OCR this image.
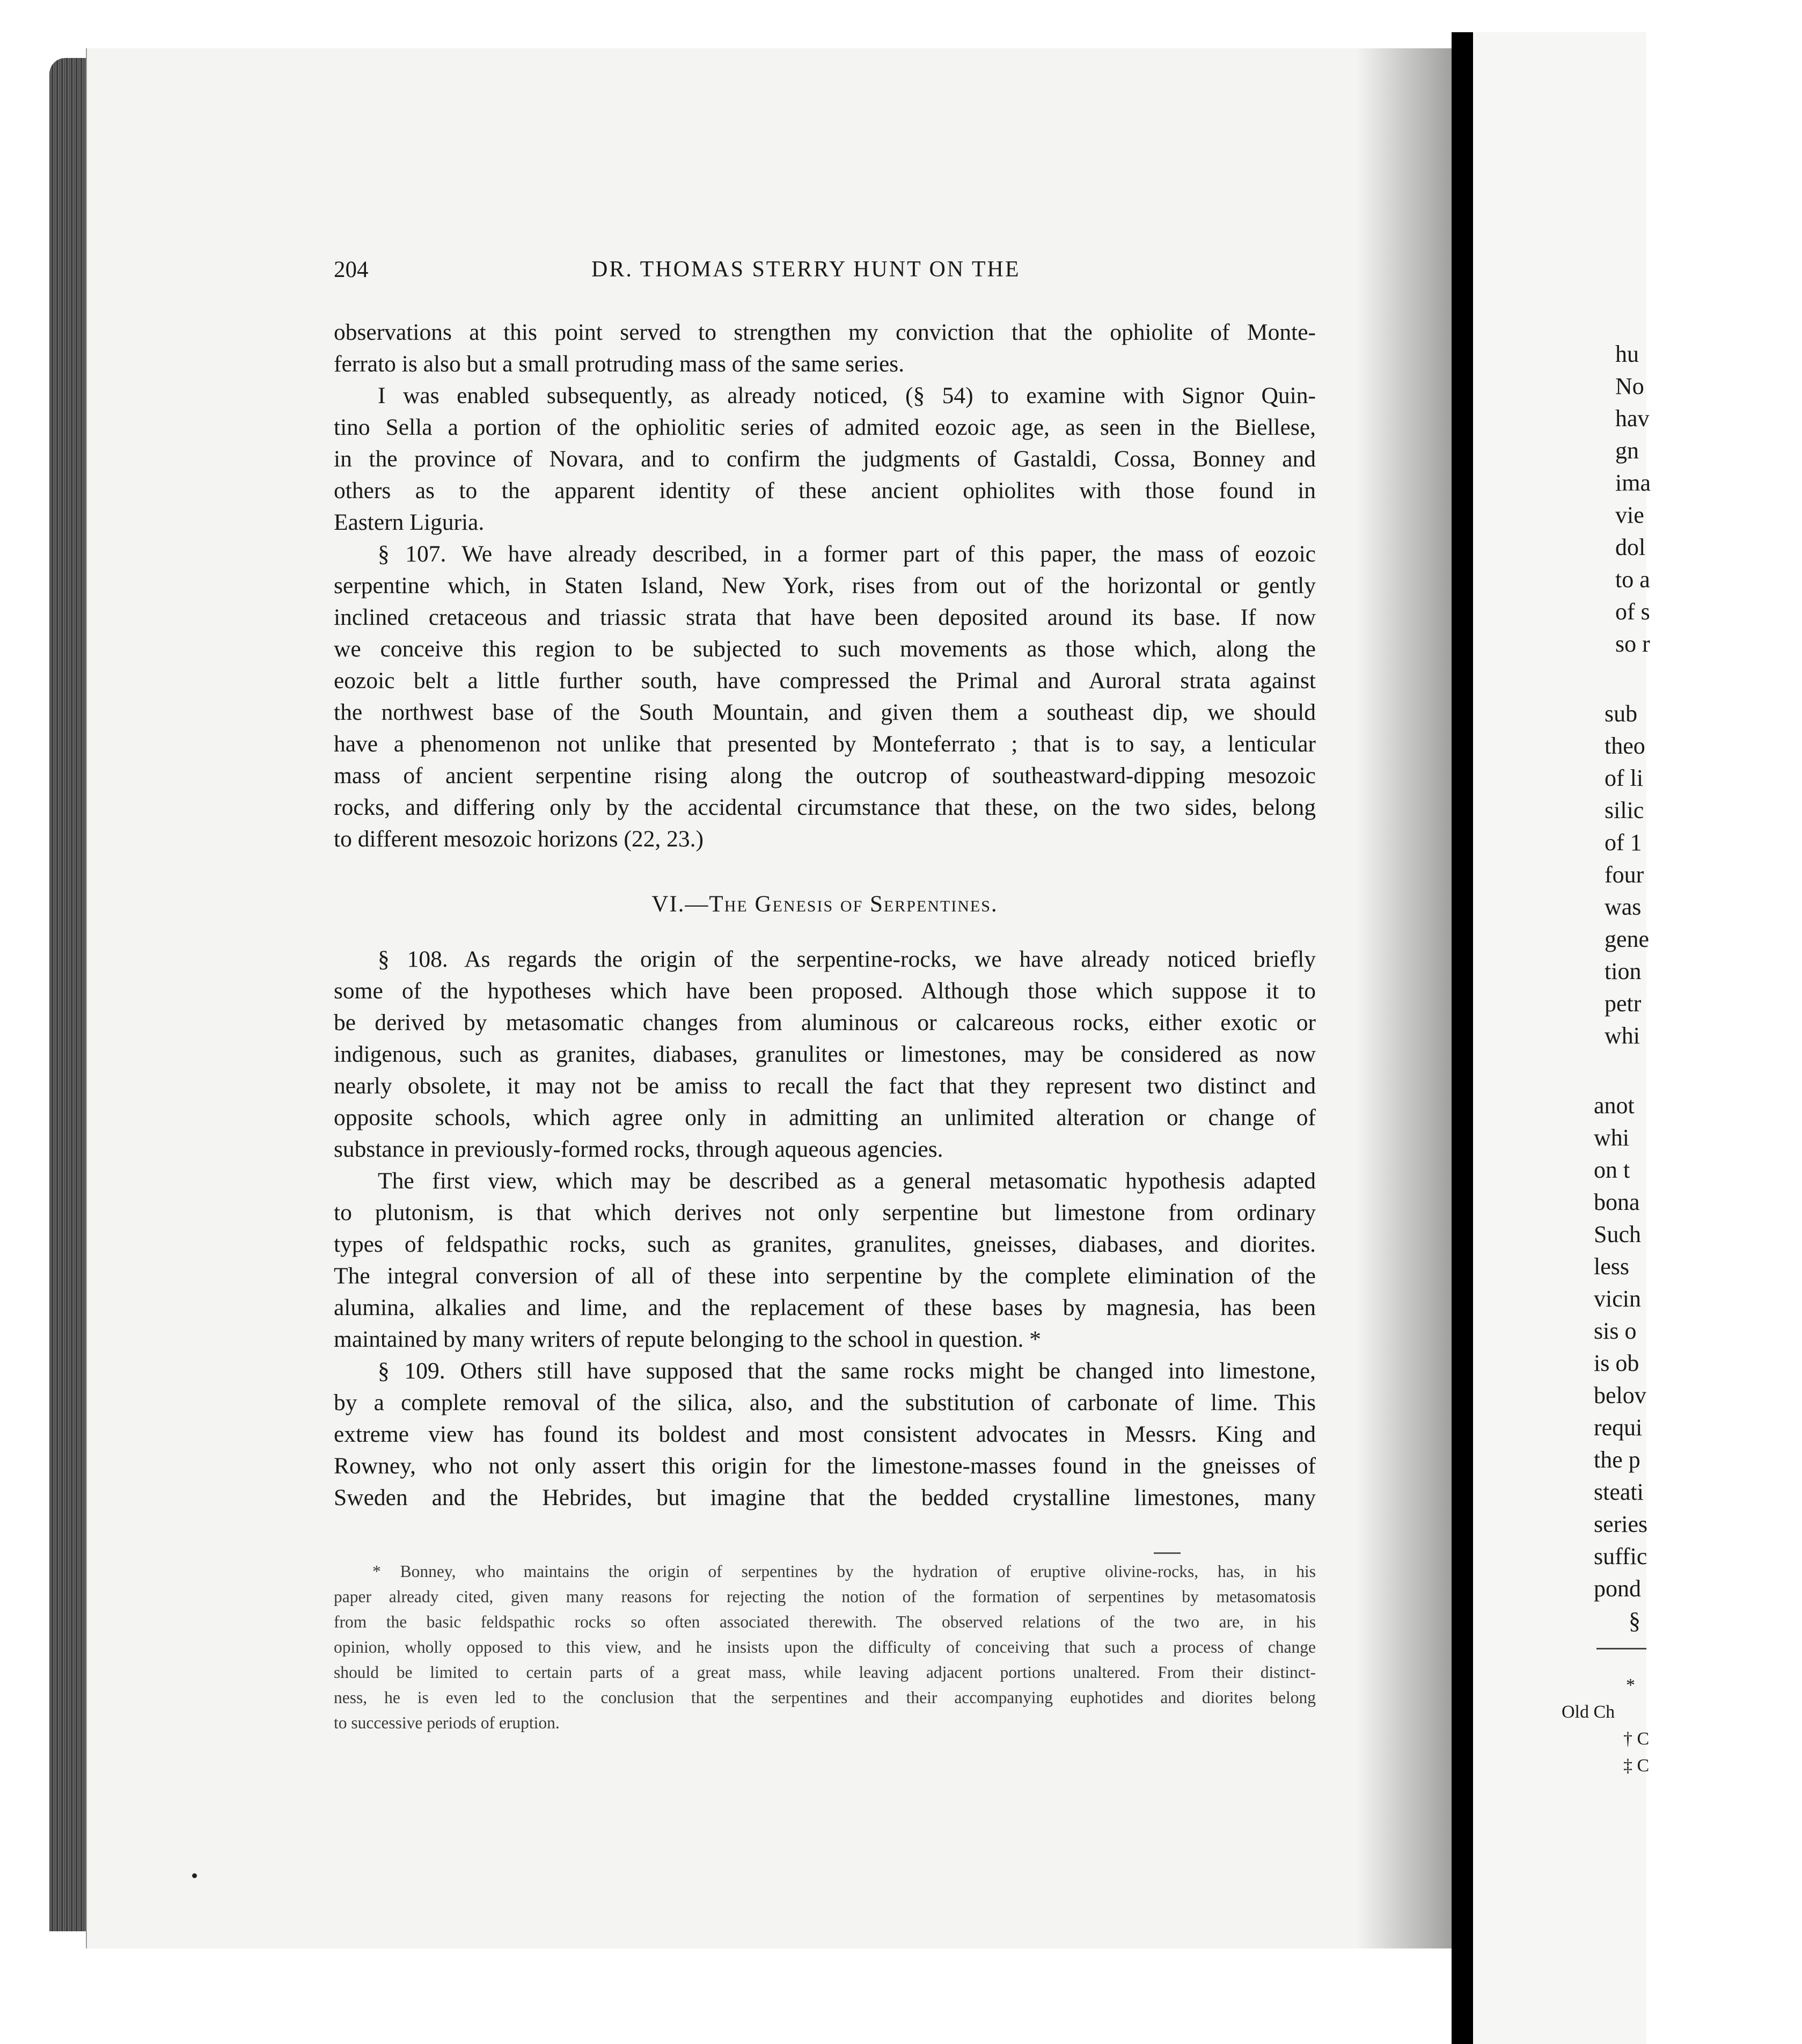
204	DR. THOMAS STERRY HUNT ON THE
observations at this point served to strengthen my conviction that the ophiolite of Monte-
ferrato is also but a small protruding mass of the same series.
I was enabled subsequently, as already noticed, (§ 54) to examine with Signor Quin-
tino Sella a portion of the ophiolitic series of admited eozoic age, as seen in the Biellese,
in the province of Novara, and to confirm the judgments of Gastaldi, Cossa, Bonney and
others as to the apparent identity of these ancient ophiolites with those found in
Eastern Liguria.
§ 107. We have already described, in a former part of this paper, the mass of eozoic
serpentine which, in Staten Island, New York, rises from out of the horizontal or gently
inclined cretaceous and triassic strata that have been deposited around its base. If now
we conceive this region to be subjected to such movements as those which, along the
eozoic belt a little further south, have compressed the Primal and Auroral strata against
the northwest base of the South Mountain, and given them a southeast dip, we should
have a phenomenon not unlike that presented by Monteferrato ; that is to say, a lenticular
mass of ancient serpentine rising along the outcrop of southeastward-dipping mesozoic
rocks, and differing only by the accidental circumstance that these, on the two sides, belong
to different mesozoic horizons (22, 23.)
VI.—The Genesis of Serpentines.
§ 108. As regards the origin of the serpentine-rocks, we have already noticed briefly
some of the hypotheses which have been proposed. Although those which suppose it to
be derived by metasomatic changes from aluminous or calcareous rocks, either exotic or
indigenous, such as granites, diabases, granulites or limestones, may be considered as now
nearly obsolete, it may not be amiss to recall the fact that they represent two distinct and
opposite schools, which agree only in admitting an unlimited alteration or change of
substance in previously-formed rocks, through aqueous agencies.
The first view, which may be described as a general metasomatic hypothesis adapted
to plutonism, is that which derives not only serpentine but limestone from ordinary
types of feldspathic rocks, such as granites, granulites, gneisses, diabases, and diorites.
The integral conversion of all of these into serpentine by the complete elimination of the
alumina, alkalies and lime, and the replacement of these bases by magnesia, has been
maintained by many writers of repute belonging to the school in question. *
§ 109. Others still have supposed that the same rocks might be changed into limestone,
by a complete removal of the silica, also, and the substitution of carbonate of lime. This
extreme view has found its boldest and most consistent advocates in Messrs. King and
Rowney, who not only assert this origin for the limestone-masses found in the gneisses of
Sweden and the Hebrides, but imagine that the bedded crystalline limestones, many
* Bonney, who maintains the origin of serpentines by the hydration of eruptive olivine-rocks, has, in his
paper already cited, given many reasons for rejecting the notion of the formation of serpentines by metasomatosis
from the basic feldspathic rocks so often associated therewith. The observed relations of the two are, in his
opinion, wholly opposed to this view, and he insists upon the difficulty of conceiving that such a process of change
should be limited to certain parts of a great mass, while leaving adjacent portions unaltered. From their distinct-
ness, he is even led to the conclusion that the serpentines and their accompanying euphotides and diorites belong
to successive periods of eruption.
hu
No
hav
gn
ima
vie
dol
to a
of s
so r
sub
theo
of li
silic
of 1
four
was
gene
tion
petr
whi
anot
whi
on t
bona
Such
less
vicin
sis o
is ob
belov
requi
the p
steati
series
suffic
pond
§
*
Old Ch
† C
‡ C
